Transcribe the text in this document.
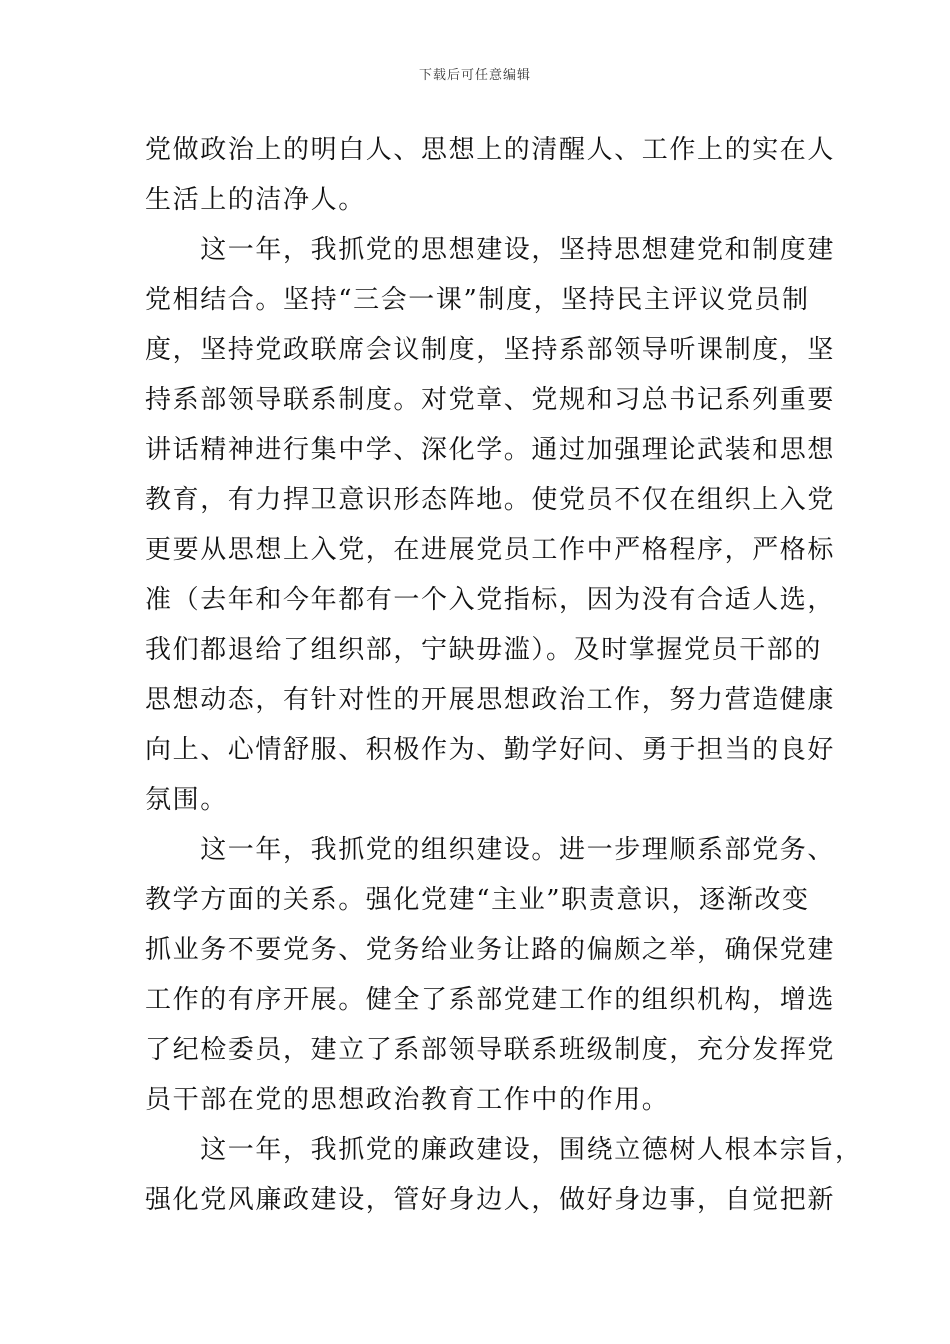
下载后可任意编辑
党做政治上的明白人、思想上的清醒人、工作上的实在人
生活上的洁净人。
　　这一年，我抓党的思想建设，坚持思想建党和制度建
党相结合。坚持“三会一课”制度，坚持民主评议党员制
度，坚持党政联席会议制度，坚持系部领导听课制度，坚
持系部领导联系制度。对党章、党规和习总书记系列重要
讲话精神进行集中学、深化学。通过加强理论武装和思想
教育，有力捍卫意识形态阵地。使党员不仅在组织上入党
更要从思想上入党，在进展党员工作中严格程序，严格标
准（去年和今年都有一个入党指标，因为没有合适人选，
我们都退给了组织部，宁缺毋滥）。及时掌握党员干部的
思想动态，有针对性的开展思想政治工作，努力营造健康
向上、心情舒服、积极作为、勤学好问、勇于担当的良好
氛围。
　　这一年，我抓党的组织建设。进一步理顺系部党务、
教学方面的关系。强化党建“主业”职责意识，逐渐改变
抓业务不要党务、党务给业务让路的偏颇之举，确保党建
工作的有序开展。健全了系部党建工作的组织机构，增选
了纪检委员，建立了系部领导联系班级制度，充分发挥党
员干部在党的思想政治教育工作中的作用。
　　这一年，我抓党的廉政建设，围绕立德树人根本宗旨，
强化党风廉政建设，管好身边人，做好身边事，自觉把新
